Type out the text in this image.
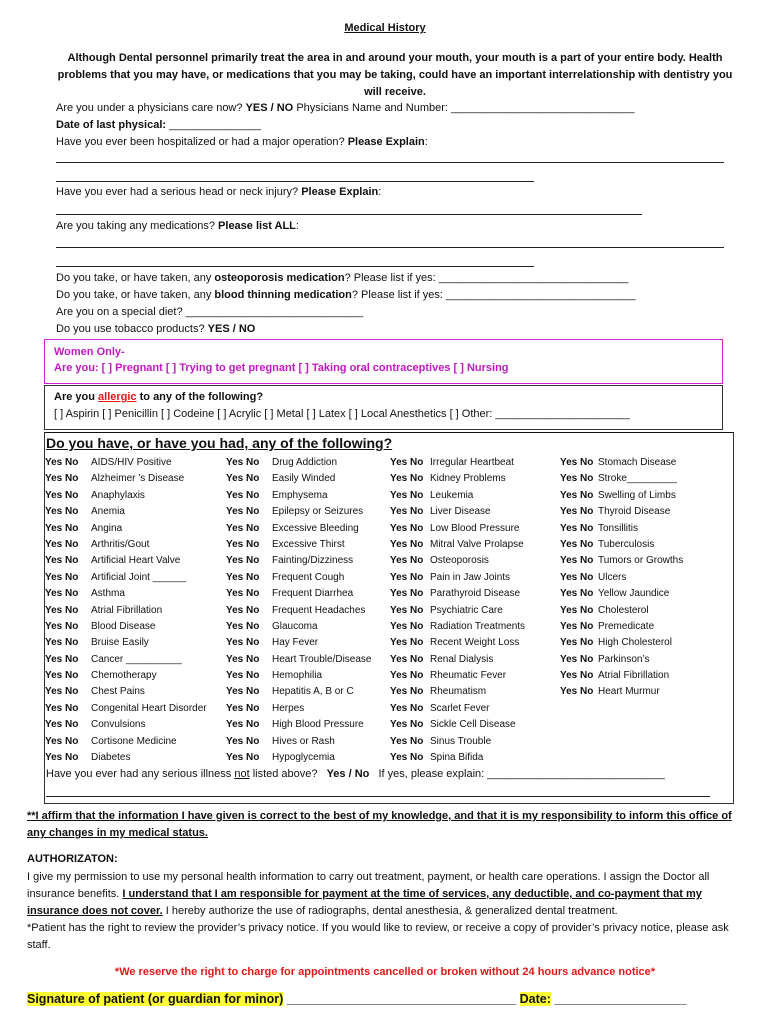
Medical History
Although Dental personnel primarily treat the area in and around your mouth, your mouth is a part of your entire body. Health problems that you may have, or medications that you may be taking, could have an important interrelationship with dentistry you will receive.
Are you under a physicians care now? YES / NO Physicians Name and Number: ______________________________
Date of last physical: _______________
Have you ever been hospitalized or had a major operation? Please Explain:
Have you ever had a serious head or neck injury? Please Explain:
Are you taking any medications? Please list ALL:
Do you take, or have taken, any osteoporosis medication? Please list if yes: _______________________________
Do you take, or have taken, any blood thinning medication? Please list if yes: _______________________________
Are you on a special diet? _____________________________
Do you use tobacco products? YES / NO
Women Only-
Are you: [ ] Pregnant [ ] Trying to get pregnant [ ] Taking oral contraceptives [ ] Nursing
Are you allergic to any of the following?
[ ] Aspirin [ ] Penicillin [ ] Codeine [ ] Acrylic [ ] Metal [ ] Latex [ ] Local Anesthetics [ ] Other: ______________________
Do you have, or have you had, any of the following?
Yes No AIDS/HIV Positive
Yes No Alzheimer ’s Disease
Yes No Anaphylaxis
Yes No Anemia
Yes No Angina
Yes No Arthritis/Gout
Yes No Artificial Heart Valve
Yes No Artificial Joint ______
Yes No Asthma
Yes No Atrial Fibrillation
Yes No Blood Disease
Yes No Bruise Easily
Yes No Cancer __________
Yes No Chemotherapy
Yes No Chest Pains
Yes No Congenital Heart Disorder
Yes No Convulsions
Yes No Cortisone Medicine
Yes No Diabetes
Yes No Drug Addiction
Yes No Easily Winded
Yes No Emphysema
Yes No Epilepsy or Seizures
Yes No Excessive Bleeding
Yes No Excessive Thirst
Yes No Fainting/Dizziness
Yes No Frequent Cough
Yes No Frequent Diarrhea
Yes No Frequent Headaches
Yes No Glaucoma
Yes No Hay Fever
Yes No Heart Trouble/Disease
Yes No Hemophilia
Yes No Hepatitis A, B or C
Yes No Herpes
Yes No High Blood Pressure
Yes No Hives or Rash
Yes No Hypoglycemia
Yes No Irregular Heartbeat
Yes No Kidney Problems
Yes No Leukemia
Yes No Liver Disease
Yes No Low Blood Pressure
Yes No Mitral Valve Prolapse
Yes No Osteoporosis
Yes No Pain in Jaw Joints
Yes No Parathyroid Disease
Yes No Psychiatric Care
Yes No Radiation Treatments
Yes No Recent Weight Loss
Yes No Renal Dialysis
Yes No Rheumatic Fever
Yes No Rheumatism
Yes No Scarlet Fever
Yes No Sickle Cell Disease
Yes No Sinus Trouble
Yes No Spina Bifida
Yes No Stomach Disease
Yes No Stroke_________
Yes No Swelling of Limbs
Yes No Thyroid Disease
Yes No Tonsillitis
Yes No Tuberculosis
Yes No Tumors or Growths
Yes No Ulcers
Yes No Yellow Jaundice
Yes No Cholesterol
Yes No Premedicate
Yes No High Cholesterol
Yes No Parkinson’s
Yes No Atrial Fibrillation
Yes No Heart Murmur
Have you ever had any serious illness not listed above? Yes / No If yes, please explain: _____________________________
**I affirm that the information I have given is correct to the best of my knowledge, and that it is my responsibility to inform this office of any changes in my medical status.
AUTHORIZATON:
I give my permission to use my personal health information to carry out treatment, payment, or health care operations. I assign the Doctor all insurance benefits. I understand that I am responsible for payment at the time of services, any deductible, and co-payment that my insurance does not cover. I hereby authorize the use of radiographs, dental anesthesia, & generalized dental treatment.
*Patient has the right to review the provider’s privacy notice. If you would like to review, or receive a copy of provider’s privacy notice, please ask staff.
*We reserve the right to charge for appointments cancelled or broken without 24 hours advance notice*
Signature of patient (or guardian for minor) _________________________________ Date: ___________________
